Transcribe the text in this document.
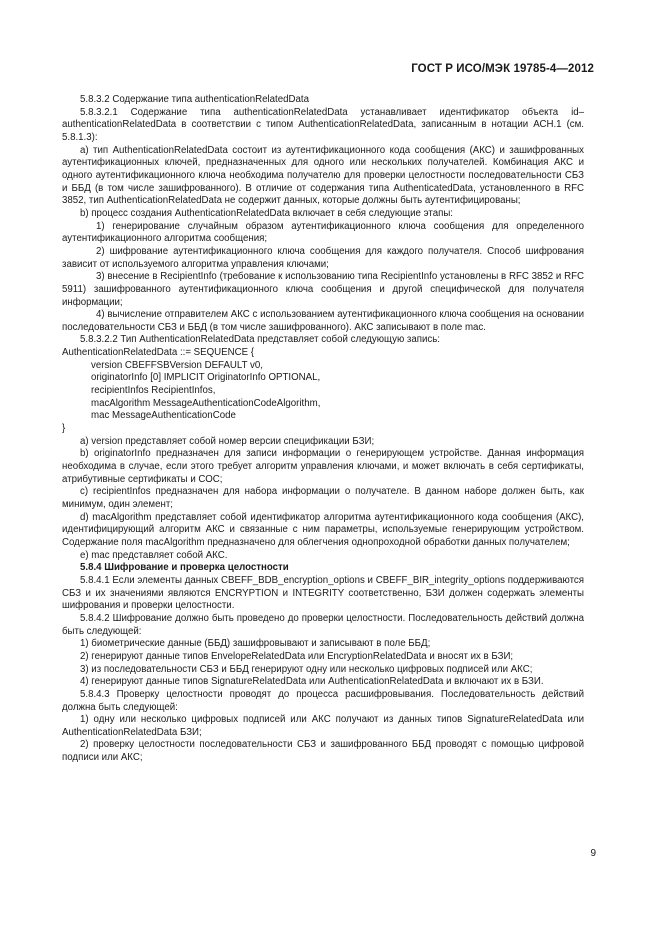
ГОСТ Р ИСО/МЭК 19785-4—2012

5.8.3.2 Содержание типа authenticationRelatedData

5.8.3.2.1 Содержание типа authenticationRelatedData устанавливает идентификатор объекта id–authenticationRelatedData в соответствии с типом AuthenticationRelatedData, записанным в нотации АСН.1 (см. 5.8.1.3):

a) тип AuthenticationRelatedData состоит из аутентификационного кода сообщения (АКС) и зашифрованных аутентификационных ключей, предназначенных для одного или нескольких получателей. Комбинация АКС и одного аутентификационного ключа необходима получателю для проверки целостности последовательности СБЗ и ББД (в том числе зашифрованного). В отличие от содержания типа AuthenticatedData, установленного в RFC 3852, тип AuthenticationRelatedData не содержит данных, которые должны быть аутентифицированы;

b) процесс создания AuthenticationRelatedData включает в себя следующие этапы:

1) генерирование случайным образом аутентификационного ключа сообщения для определенного аутентификационного алгоритма сообщения;

2) шифрование аутентификационного ключа сообщения для каждого получателя. Способ шифрования зависит от используемого алгоритма управления ключами;

3) внесение в RecipientInfo (требование к использованию типа RecipientInfo установлены в RFC 3852 и RFC 5911) зашифрованного аутентификационного ключа сообщения и другой специфической для получателя информации;

4) вычисление отправителем АКС с использованием аутентификационного ключа сообщения на основании последовательности СБЗ и ББД (в том числе зашифрованного). АКС записывают в поле mac.

5.8.3.2.2 Тип AuthenticationRelatedData представляет собой следующую запись:

AuthenticationRelatedData ::= SEQUENCE {

version CBEFFSBVersion DEFAULT v0,

originatorInfo [0] IMPLICIT OriginatorInfo OPTIONAL,

recipientInfos RecipientInfos,

macAlgorithm MessageAuthenticationCodeAlgorithm,

mac MessageAuthenticationCode

}

a) version представляет собой номер версии спецификации БЗИ;

b) originatorInfo предназначен для записи информации о генерирующем устройстве. Данная информация необходима в случае, если этого требует алгоритм управления ключами, и может включать в себя сертификаты, атрибутивные сертификаты и СОС;

c) recipientInfos предназначен для набора информации о получателе. В данном наборе должен быть, как минимум, один элемент;

d) macAlgorithm представляет собой идентификатор алгоритма аутентификационного кода сообщения (АКС), идентифицирующий алгоритм АКС и связанные с ним параметры, используемые генерирующим устройством. Содержание поля macAlgorithm предназначено для облегчения однопроходной обработки данных получателем;

e) mac представляет собой АКС.

5.8.4 Шифрование и проверка целостности

5.8.4.1 Если элементы данных CBEFF_BDB_encryption_options и CBEFF_BIR_integrity_options поддерживаются СБЗ и их значениями являются ENCRYPTION и INTEGRITY соответственно, БЗИ должен содержать элементы шифрования и проверки целостности.

5.8.4.2 Шифрование должно быть проведено до проверки целостности. Последовательность действий должна быть следующей:

1) биометрические данные (ББД) зашифровывают и записывают в поле ББД;

2) генерируют данные типов EnvelopeRelatedData или EncryptionRelatedData и вносят их в БЗИ;

3) из последовательности СБЗ и ББД генерируют одну или несколько цифровых подписей или АКС;

4) генерируют данные типов SignatureRelatedData или AuthenticationRelatedData и включают их в БЗИ.

5.8.4.3 Проверку целостности проводят до процесса расшифровывания. Последовательность действий должна быть следующей:

1) одну или несколько цифровых подписей или АКС получают из данных типов SignatureRelatedData или AuthenticationRelatedData БЗИ;

2) проверку целостности последовательности СБЗ и зашифрованного ББД проводят с помощью цифровой подписи или АКС;

9
